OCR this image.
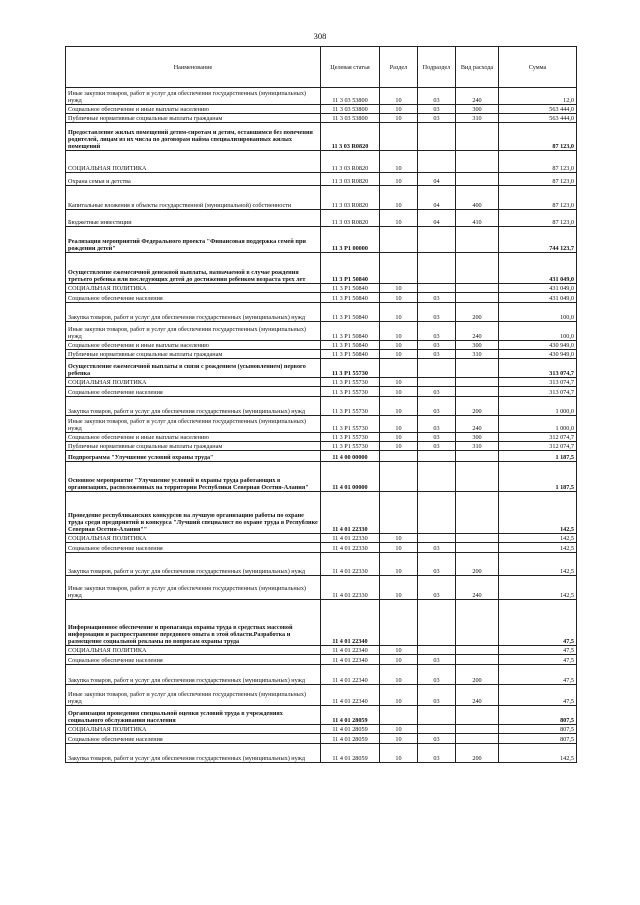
308
Наименование	Целевая статья	Раздел	Подраздел	Вид расхода	Сумма
Иные закупки товаров, работ и услуг для обеспечения государственных (муниципальных) нужд	11 3 03 53800	10	03	240	12,0
Социальное обеспечение и иные выплаты населению	11 3 03 53800	10	03	300	563 444,0
Публичные нормативные социальные выплаты гражданам	11 3 03 53800	10	03	310	563 444,0
Предоставление жилых помещений детям-сиротам и детям, оставшимся без попечения родителей, лицам из их числа по договорам найма специализированных жилых помещений	11 3 03 R0820				87 123,0
СОЦИАЛЬНАЯ ПОЛИТИКА	11 3 03 R0820	10			87 123,0
Охрана семьи и детства	11 3 03 R0820	10	04		87 123,0
Капитальные вложения в объекты государственной (муниципальной) собственности	11 3 03 R0820	10	04	400	87 123,0
Бюджетные инвестиции	11 3 03 R0820	10	04	410	87 123,0
Реализация мероприятий Федерального проекта "Финансовая поддержка семей при рождении детей"	11 3 P1 00000				744 123,7
Осуществление ежемесячной денежной выплаты, назначаемой в случае рождения третьего ребенка или последующих детей до достижения ребенком возраста трех лет	11 3 P1 50840				431 049,0
СОЦИАЛЬНАЯ ПОЛИТИКА	11 3 P1 50840	10			431 049,0
Социальное обеспечение населения	11 3 P1 50840	10	03		431 049,0
Закупка товаров, работ и услуг для обеспечения государственных (муниципальных) нужд	11 3 P1 50840	10	03	200	100,0
Иные закупки товаров, работ и услуг для обеспечения государственных (муниципальных) нужд	11 3 P1 50840	10	03	240	100,0
Социальное обеспечение и иные выплаты населению	11 3 P1 50840	10	03	300	430 949,0
Публичные нормативные социальные выплаты гражданам	11 3 P1 50840	10	03	310	430 949,0
Осуществление ежемесячной выплаты в связи с рождением (усыновлением) первого ребенка	11 3 P1 55730				313 074,7
СОЦИАЛЬНАЯ ПОЛИТИКА	11 3 P1 55730	10			313 074,7
Социальное обеспечение населения	11 3 P1 55730	10	03		313 074,7
Закупка товаров, работ и услуг для обеспечения государственных (муниципальных) нужд	11 3 P1 55730	10	03	200	1 000,0
Иные закупки товаров, работ и услуг для обеспечения государственных (муниципальных) нужд	11 3 P1 55730	10	03	240	1 000,0
Социальное обеспечение и иные выплаты населению	11 3 P1 55730	10	03	300	312 074,7
Публичные нормативные социальные выплаты гражданам	11 3 P1 55730	10	03	310	312 074,7
Подпрограмма "Улучшение условий охраны труда"	11 4 00 00000				1 187,5
Основное мероприятие "Улучшение условий и охраны труда работающих в организациях, расположенных на территории Республики Северная Осетия-Алания"	11 4 01 00000				1 187,5
Проведение республиканских конкурсов на лучшую организацию работы по охране труда среди предприятий и конкурса "Лучший специалист по охране труда в Республике Северная Осетия-Алания""	11 4 01 22330				142,5
СОЦИАЛЬНАЯ ПОЛИТИКА	11 4 01 22330	10			142,5
Социальное обеспечение населения	11 4 01 22330	10	03		142,5
Закупка товаров, работ и услуг для обеспечения государственных (муниципальных) нужд	11 4 01 22330	10	03	200	142,5
Иные закупки товаров, работ и услуг для обеспечения государственных (муниципальных) нужд	11 4 01 22330	10	03	240	142,5
Информационное обеспечение и пропаганда охраны труда в средствах массовой информации и распространение передового опыта в этой области.Разработка и размещение социальной рекламы по вопросам охраны труда	11 4 01 22340				47,5
СОЦИАЛЬНАЯ ПОЛИТИКА	11 4 01 22340	10			47,5
Социальное обеспечение населения	11 4 01 22340	10	03		47,5
Закупка товаров, работ и услуг для обеспечения государственных (муниципальных) нужд	11 4 01 22340	10	03	200	47,5
Иные закупки товаров, работ и услуг для обеспечения государственных (муниципальных) нужд	11 4 01 22340	10	03	240	47,5
Организация проведения специальной оценки условий труда в учреждениях социального обслуживания населения	11 4 01 28059				807,5
СОЦИАЛЬНАЯ ПОЛИТИКА	11 4 01 28059	10			807,5
Социальное обеспечение населения	11 4 01 28059	10	03		807,5
Закупка товаров, работ и услуг для обеспечения государственных (муниципальных) нужд	11 4 01 28059	10	03	200	142,5
